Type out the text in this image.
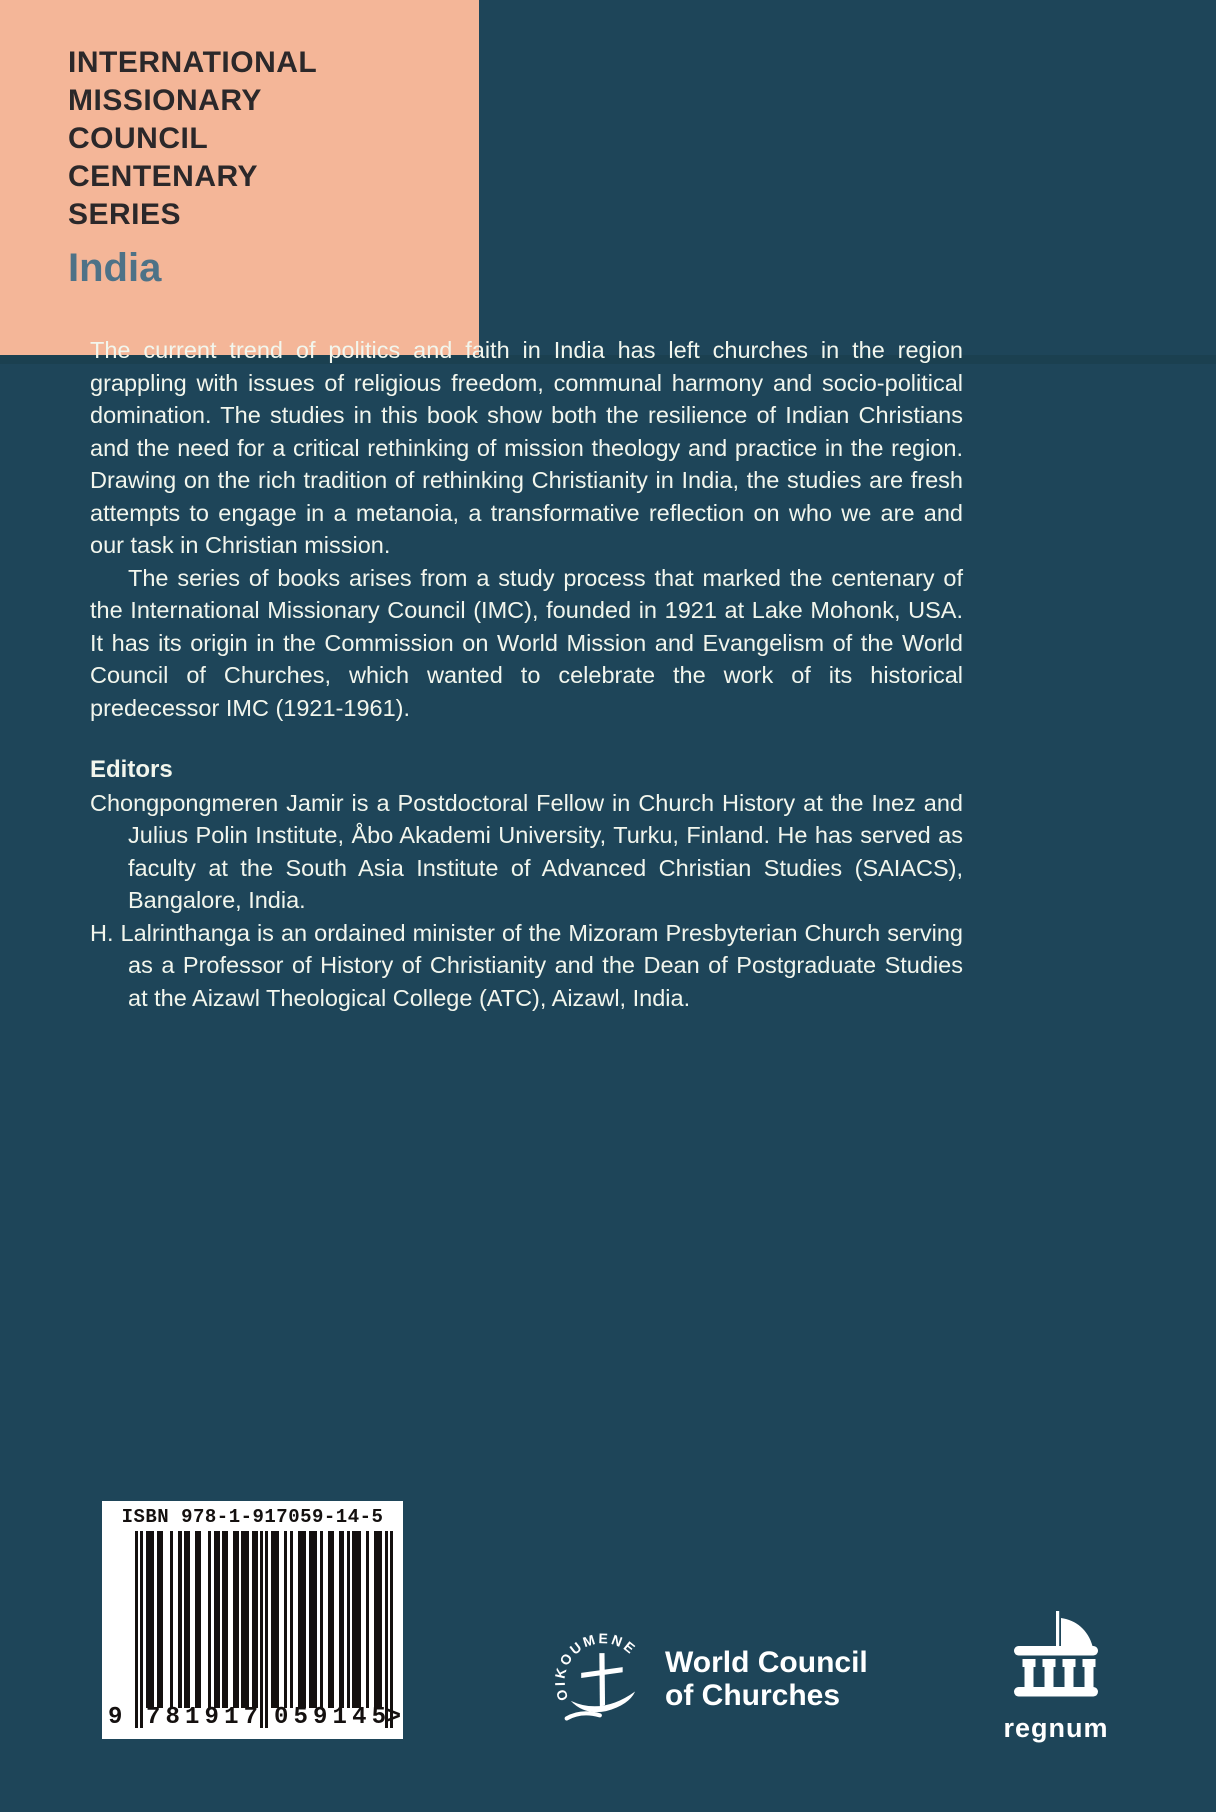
INTERNATIONAL
MISSIONARY
COUNCIL
CENTENARY
SERIES
India

The current trend of politics and faith in India has left churches in the region grappling with issues of religious freedom, communal harmony and socio-political domination. The studies in this book show both the resilience of Indian Christians and the need for a critical rethinking of mission theology and practice in the region. Drawing on the rich tradition of rethinking Christianity in India, the studies are fresh attempts to engage in a metanoia, a transformative reflection on who we are and our task in Christian mission.

The series of books arises from a study process that marked the centenary of the International Missionary Council (IMC), founded in 1921 at Lake Mohonk, USA. It has its origin in the Commission on World Mission and Evangelism of the World Council of Churches, which wanted to celebrate the work of its historical predecessor IMC (1921-1961).

Editors

Chongpongmeren Jamir is a Postdoctoral Fellow in Church History at the Inez and Julius Polin Institute, Åbo Akademi University, Turku, Finland. He has served as faculty at the South Asia Institute of Advanced Christian Studies (SAIACS), Bangalore, India.

H. Lalrinthanga is an ordained minister of the Mizoram Presbyterian Church serving as a Professor of History of Christianity and the Dean of Postgraduate Studies at the Aizawl Theological College (ATC), Aizawl, India.

ISBN 978-1-917059-14-5
9 7 8 1 9 1 7 0 5 9 1 4 5 >
OIKOUMENE World Council
of Churches
regnum
